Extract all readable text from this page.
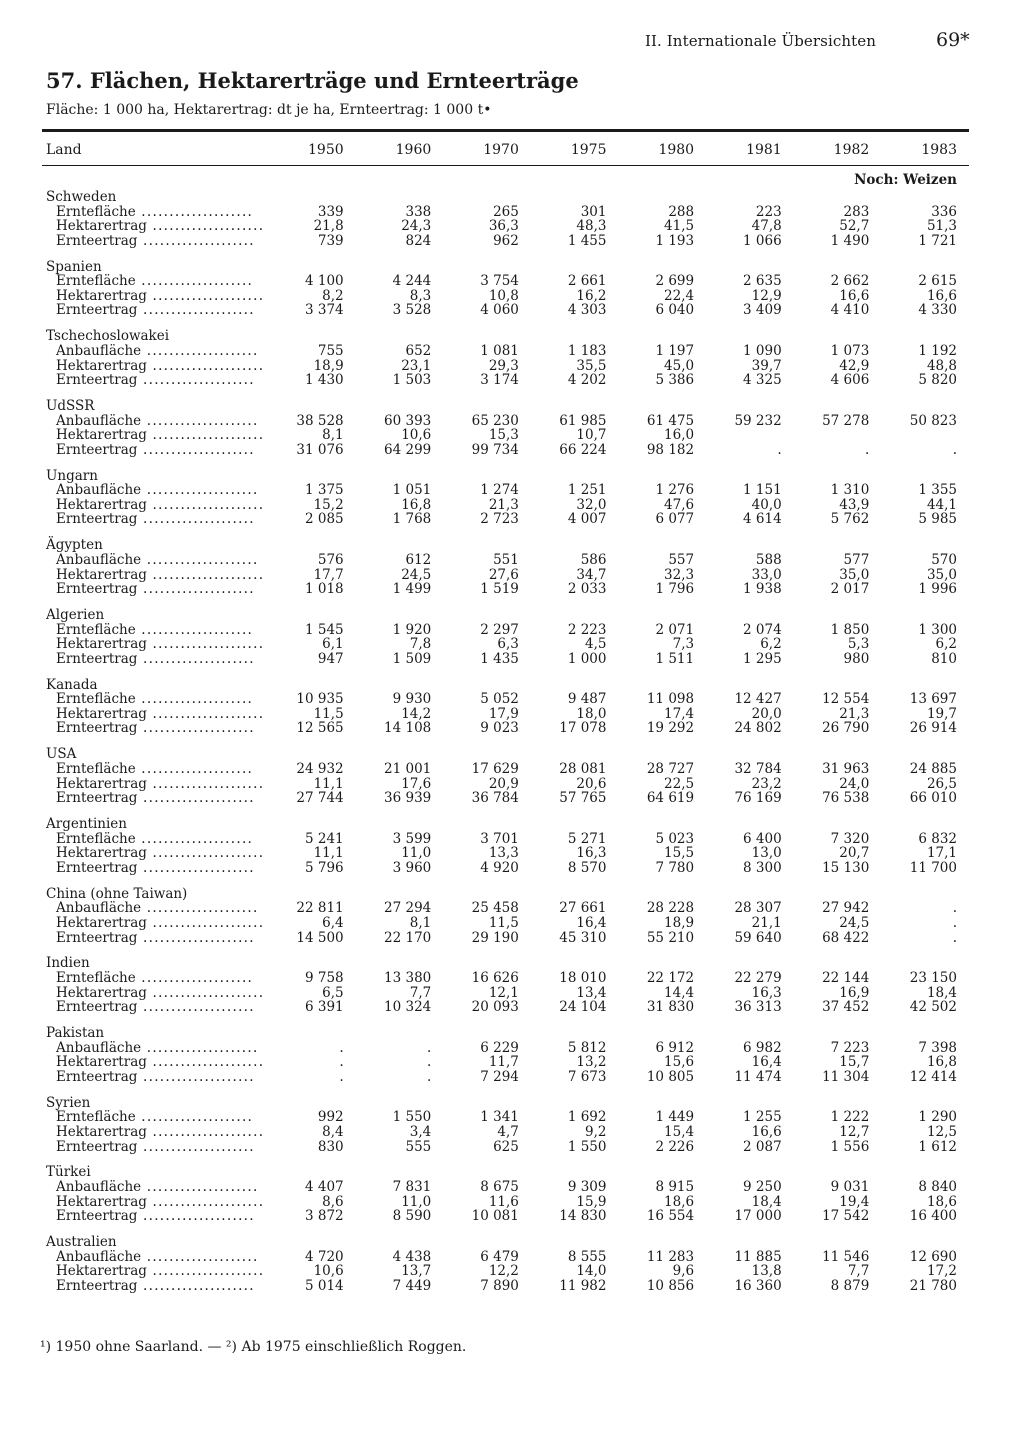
II. Internationale Übersichten	69*
57. Flächen, Hektarerträge und Ernteerträge

Fläche: 1 000 ha, Hektarertrag: dt je ha, Ernteertrag: 1 000 t•

Land	1950	1960	1970	1975	1980	1981	1982	1983
Noch: Weizen								
Schweden								
Erntefläche ....................	339	338	265	301	288	223	283	336
Hektarertrag ....................	21,8	24,3	36,3	48,3	41,5	47,8	52,7	51,3
Ernteertrag ....................	739	824	962	1 455	1 193	1 066	1 490	1 721

Spanien								
Erntefläche ....................	4 100	4 244	3 754	2 661	2 699	2 635	2 662	2 615
Hektarertrag ....................	8,2	8,3	10,8	16,2	22,4	12,9	16,6	16,6
Ernteertrag ....................	3 374	3 528	4 060	4 303	6 040	3 409	4 410	4 330

Tschechoslowakei								
Anbaufläche ....................	755	652	1 081	1 183	1 197	1 090	1 073	1 192
Hektarertrag ....................	18,9	23,1	29,3	35,5	45,0	39,7	42,9	48,8
Ernteertrag ....................	1 430	1 503	3 174	4 202	5 386	4 325	4 606	5 820

UdSSR								
Anbaufläche ....................	38 528	60 393	65 230	61 985	61 475	59 232	57 278	50 823
Hektarertrag ....................	8,1	10,6	15,3	10,7	16,0			
Ernteertrag ....................	31 076	64 299	99 734	66 224	98 182	.	.	.

Ungarn								
Anbaufläche ....................	1 375	1 051	1 274	1 251	1 276	1 151	1 310	1 355
Hektarertrag ....................	15,2	16,8	21,3	32,0	47,6	40,0	43,9	44,1
Ernteertrag ....................	2 085	1 768	2 723	4 007	6 077	4 614	5 762	5 985

Ägypten								
Anbaufläche ....................	576	612	551	586	557	588	577	570
Hektarertrag ....................	17,7	24,5	27,6	34,7	32,3	33,0	35,0	35,0
Ernteertrag ....................	1 018	1 499	1 519	2 033	1 796	1 938	2 017	1 996

Algerien								
Erntefläche ....................	1 545	1 920	2 297	2 223	2 071	2 074	1 850	1 300
Hektarertrag ....................	6,1	7,8	6,3	4,5	7,3	6,2	5,3	6,2
Ernteertrag ....................	947	1 509	1 435	1 000	1 511	1 295	980	810

Kanada								
Erntefläche ....................	10 935	9 930	5 052	9 487	11 098	12 427	12 554	13 697
Hektarertrag ....................	11,5	14,2	17,9	18,0	17,4	20,0	21,3	19,7
Ernteertrag ....................	12 565	14 108	9 023	17 078	19 292	24 802	26 790	26 914

USA								
Erntefläche ....................	24 932	21 001	17 629	28 081	28 727	32 784	31 963	24 885
Hektarertrag ....................	11,1	17,6	20,9	20,6	22,5	23,2	24,0	26,5
Ernteertrag ....................	27 744	36 939	36 784	57 765	64 619	76 169	76 538	66 010

Argentinien								
Erntefläche ....................	5 241	3 599	3 701	5 271	5 023	6 400	7 320	6 832
Hektarertrag ....................	11,1	11,0	13,3	16,3	15,5	13,0	20,7	17,1
Ernteertrag ....................	5 796	3 960	4 920	8 570	7 780	8 300	15 130	11 700

China (ohne Taiwan)								
Anbaufläche ....................	22 811	27 294	25 458	27 661	28 228	28 307	27 942	.
Hektarertrag ....................	6,4	8,1	11,5	16,4	18,9	21,1	24,5	.
Ernteertrag ....................	14 500	22 170	29 190	45 310	55 210	59 640	68 422	.

Indien								
Erntefläche ....................	9 758	13 380	16 626	18 010	22 172	22 279	22 144	23 150
Hektarertrag ....................	6,5	7,7	12,1	13,4	14,4	16,3	16,9	18,4
Ernteertrag ....................	6 391	10 324	20 093	24 104	31 830	36 313	37 452	42 502

Pakistan								
Anbaufläche ....................	.	.	6 229	5 812	6 912	6 982	7 223	7 398
Hektarertrag ....................	.	.	11,7	13,2	15,6	16,4	15,7	16,8
Ernteertrag ....................	.	.	7 294	7 673	10 805	11 474	11 304	12 414

Syrien								
Erntefläche ....................	992	1 550	1 341	1 692	1 449	1 255	1 222	1 290
Hektarertrag ....................	8,4	3,4	4,7	9,2	15,4	16,6	12,7	12,5
Ernteertrag ....................	830	555	625	1 550	2 226	2 087	1 556	1 612

Türkei								
Anbaufläche ....................	4 407	7 831	8 675	9 309	8 915	9 250	9 031	8 840
Hektarertrag ....................	8,6	11,0	11,6	15,9	18,6	18,4	19,4	18,6
Ernteertrag ....................	3 872	8 590	10 081	14 830	16 554	17 000	17 542	16 400

Australien								
Anbaufläche ....................	4 720	4 438	6 479	8 555	11 283	11 885	11 546	12 690
Hektarertrag ....................	10,6	13,7	12,2	14,0	9,6	13,8	7,7	17,2
Ernteertrag ....................	5 014	7 449	7 890	11 982	10 856	16 360	8 879	21 780

¹) 1950 ohne Saarland. — ²) Ab 1975 einschließlich Roggen.
